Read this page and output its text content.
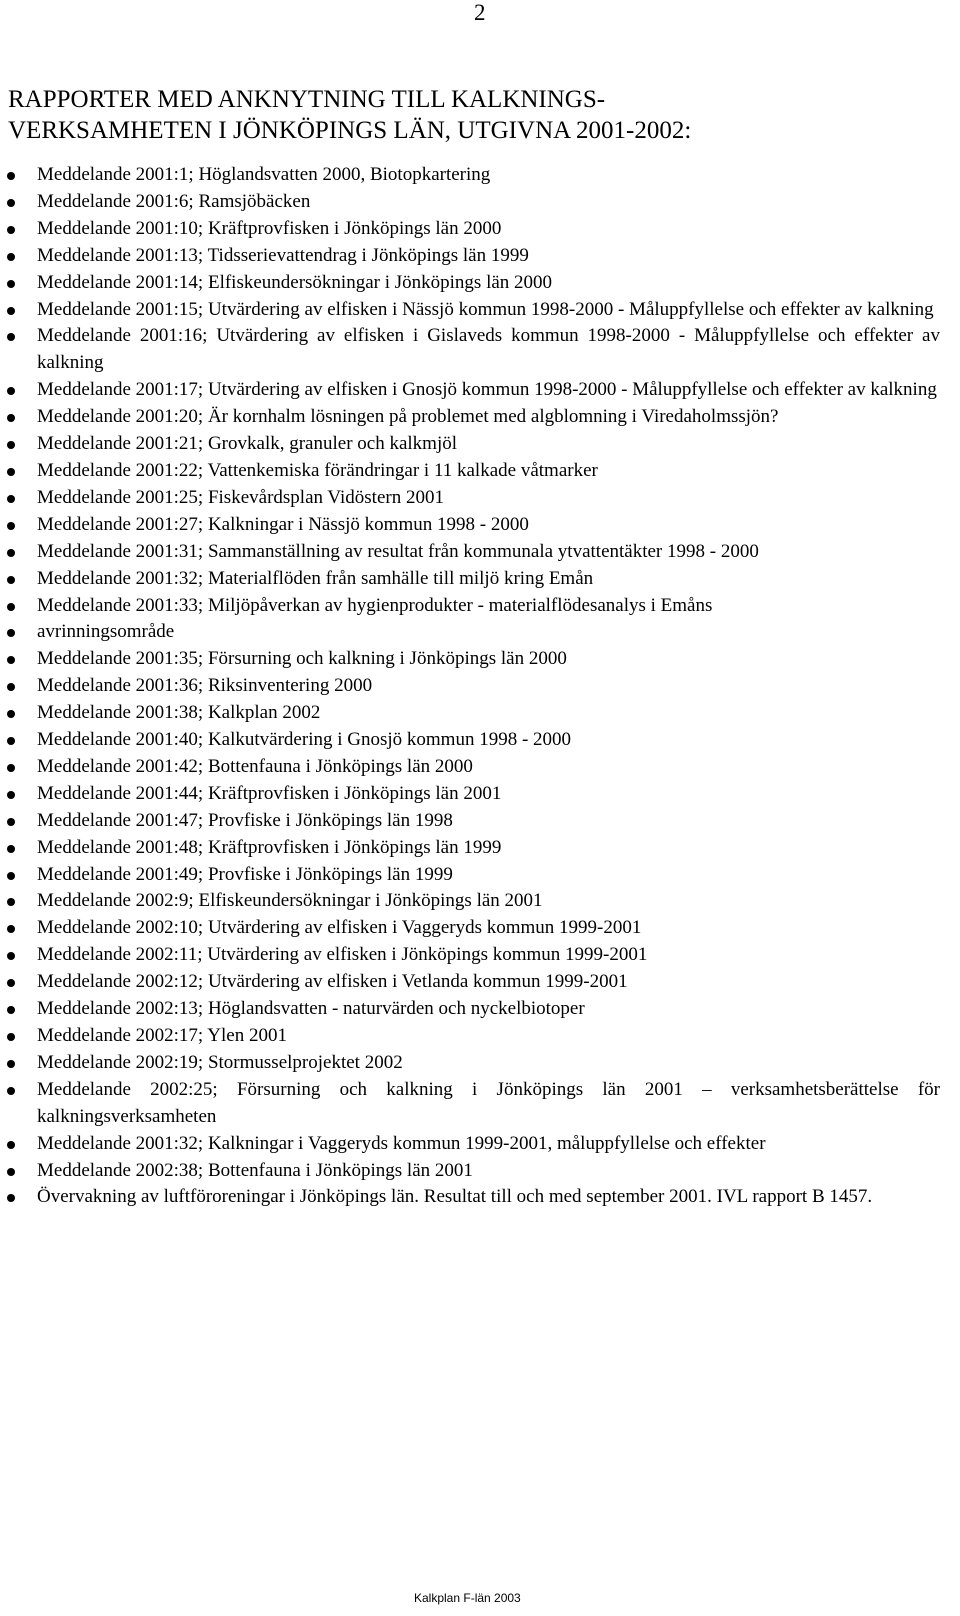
2
RAPPORTER MED ANKNYTNING TILL KALKNINGS-
VERKSAMHETEN I JÖNKÖPINGS LÄN, UTGIVNA 2001-2002:
Meddelande 2001:1; Höglandsvatten 2000, Biotopkartering
Meddelande 2001:6; Ramsjöbäcken
Meddelande 2001:10; Kräftprovfisken i Jönköpings län 2000
Meddelande 2001:13; Tidsserievattendrag i Jönköpings län 1999
Meddelande 2001:14; Elfiskeundersökningar i Jönköpings län 2000
Meddelande 2001:15; Utvärdering av elfisken i Nässjö kommun 1998-2000 - Måluppfyllelse och effekter av kalkning
Meddelande 2001:16; Utvärdering av elfisken i Gislaveds kommun 1998-2000 - Måluppfyllelse och effekter av kalkning
Meddelande 2001:17; Utvärdering av elfisken i Gnosjö kommun 1998-2000 - Måluppfyllelse och effekter av kalkning
Meddelande 2001:20; Är kornhalm lösningen på problemet med algblomning i Viredaholmssjön?
Meddelande 2001:21; Grovkalk, granuler och kalkmjöl
Meddelande 2001:22; Vattenkemiska förändringar i 11 kalkade våtmarker
Meddelande 2001:25; Fiskevårdsplan Vidöstern 2001
Meddelande 2001:27; Kalkningar i Nässjö kommun 1998 - 2000
Meddelande 2001:31; Sammanställning av resultat från kommunala ytvattentäkter 1998 - 2000
Meddelande 2001:32; Materialflöden från samhälle till miljö kring Emån
Meddelande 2001:33; Miljöpåverkan av hygienprodukter - materialflödesanalys i Emåns
avrinningsområde
Meddelande 2001:35; Försurning och kalkning i Jönköpings län 2000
Meddelande 2001:36; Riksinventering 2000
Meddelande 2001:38; Kalkplan 2002
Meddelande 2001:40; Kalkutvärdering i Gnosjö kommun 1998 - 2000
Meddelande 2001:42; Bottenfauna i Jönköpings län 2000
Meddelande 2001:44; Kräftprovfisken i Jönköpings län 2001
Meddelande 2001:47; Provfiske i Jönköpings län 1998
Meddelande 2001:48; Kräftprovfisken i Jönköpings län 1999
Meddelande 2001:49; Provfiske i Jönköpings län 1999
Meddelande 2002:9; Elfiskeundersökningar i Jönköpings län 2001
Meddelande 2002:10; Utvärdering av elfisken i Vaggeryds kommun 1999-2001
Meddelande 2002:11; Utvärdering av elfisken i Jönköpings kommun 1999-2001
Meddelande 2002:12; Utvärdering av elfisken i Vetlanda kommun 1999-2001
Meddelande 2002:13; Höglandsvatten - naturvärden och nyckelbiotoper
Meddelande 2002:17; Ylen 2001
Meddelande 2002:19; Stormusselprojektet 2002
Meddelande 2002:25; Försurning och kalkning i Jönköpings län 2001 – verksamhetsberättelse för kalkningsverksamheten
Meddelande 2001:32; Kalkningar i Vaggeryds kommun 1999-2001, måluppfyllelse och effekter
Meddelande 2002:38; Bottenfauna i Jönköpings län 2001
Övervakning av luftföroreningar i Jönköpings län. Resultat till och med september 2001. IVL rapport B 1457.
Kalkplan F-län 2003
